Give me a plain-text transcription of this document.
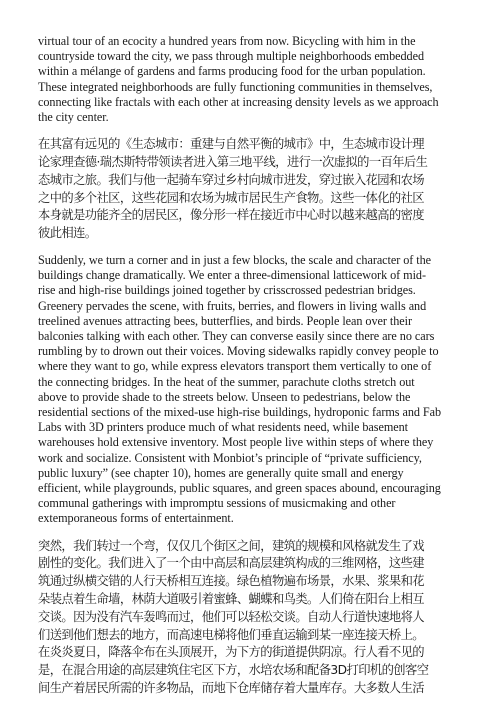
virtual tour of an ecocity a hundred years from now. Bicycling with him in the
countryside toward the city, we pass through multiple neighborhoods embedded
within a mélange of gardens and farms producing food for the urban population.
These integrated neighborhoods are fully functioning communities in themselves,
connecting like fractals with each other at increasing density levels as we approach
the city center.

在其富有远见的《生态城市：重建与自然平衡的城市》中，生态城市设计理
论家理查德·瑞杰斯特带领读者进入第三地平线，进行一次虚拟的一百年后生
态城市之旅。我们与他一起骑车穿过乡村向城市进发，穿过嵌入花园和农场
之中的多个社区，这些花园和农场为城市居民生产食物。这些一体化的社区
本身就是功能齐全的居民区，像分形一样在接近市中心时以越来越高的密度
彼此相连。

Suddenly, we turn a corner and in just a few blocks, the scale and character of the
buildings change dramatically. We enter a three-dimensional latticework of mid-
rise and high-rise buildings joined together by crisscrossed pedestrian bridges.
Greenery pervades the scene, with fruits, berries, and flowers in living walls and
treelined avenues attracting bees, butterflies, and birds. People lean over their
balconies talking with each other. They can converse easily since there are no cars
rumbling by to drown out their voices. Moving sidewalks rapidly convey people to
where they want to go, while express elevators transport them vertically to one of
the connecting bridges. In the heat of the summer, parachute cloths stretch out
above to provide shade to the streets below. Unseen to pedestrians, below the
residential sections of the mixed-use high-rise buildings, hydroponic farms and Fab
Labs with 3D printers produce much of what residents need, while basement
warehouses hold extensive inventory. Most people live within steps of where they
work and socialize. Consistent with Monbiot’s principle of “private sufficiency,
public luxury” (see chapter 10), homes are generally quite small and energy
efficient, while playgrounds, public squares, and green spaces abound, encouraging
communal gatherings with impromptu sessions of musicmaking and other
extemporaneous forms of entertainment.

突然，我们转过一个弯，仅仅几个街区之间，建筑的规模和风格就发生了戏
剧性的变化。我们进入了一个由中高层和高层建筑构成的三维网格，这些建
筑通过纵横交错的人行天桥相互连接。绿色植物遍布场景，水果、浆果和花
朵装点着生命墙，林荫大道吸引着蜜蜂、蝴蝶和鸟类。人们倚在阳台上相互
交谈。因为没有汽车轰鸣而过，他们可以轻松交谈。自动人行道快速地将人
们送到他们想去的地方，而高速电梯将他们垂直运输到某一座连接天桥上。
在炎炎夏日，降落伞布在头顶展开，为下方的街道提供阴凉。行人看不见的
是，在混合用途的高层建筑住宅区下方，水培农场和配备3D打印机的创客空
间生产着居民所需的许多物品，而地下仓库储存着大量库存。大多数人生活
